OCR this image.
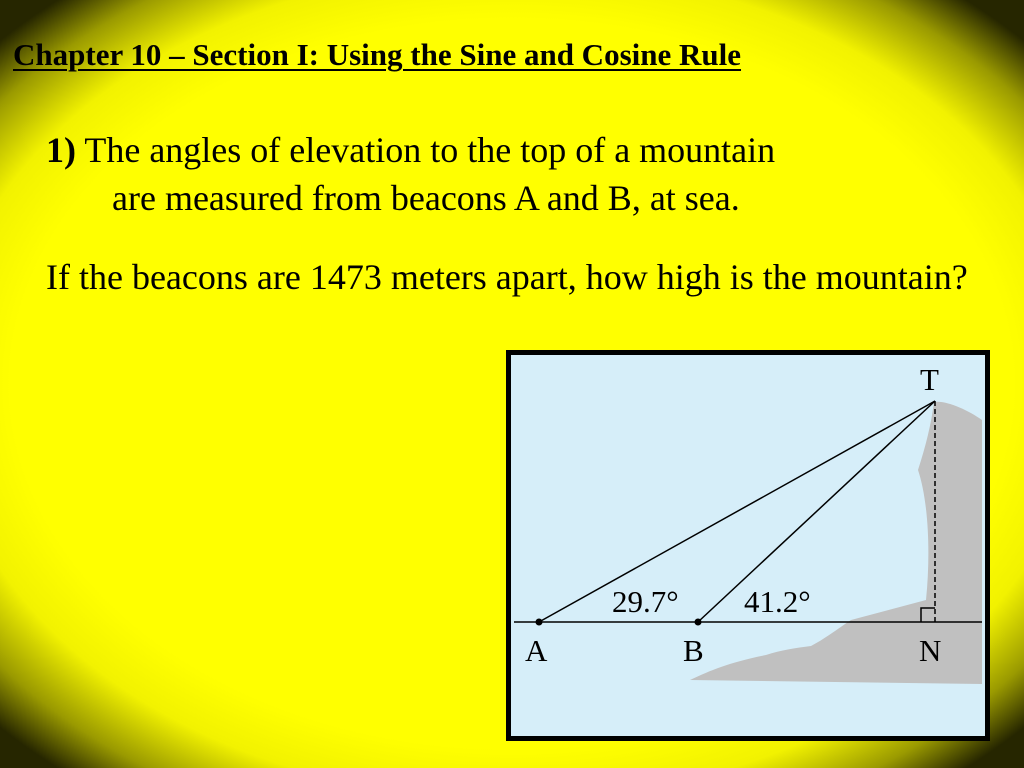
Chapter 10 – Section I: Using the Sine and Cosine Rule

1) The angles of elevation to the top of a mountain
are measured from beacons A and B, at sea.

If the beacons are 1473 meters apart, how high is the mountain?

T
A	B	N
29.7° 41.2°
